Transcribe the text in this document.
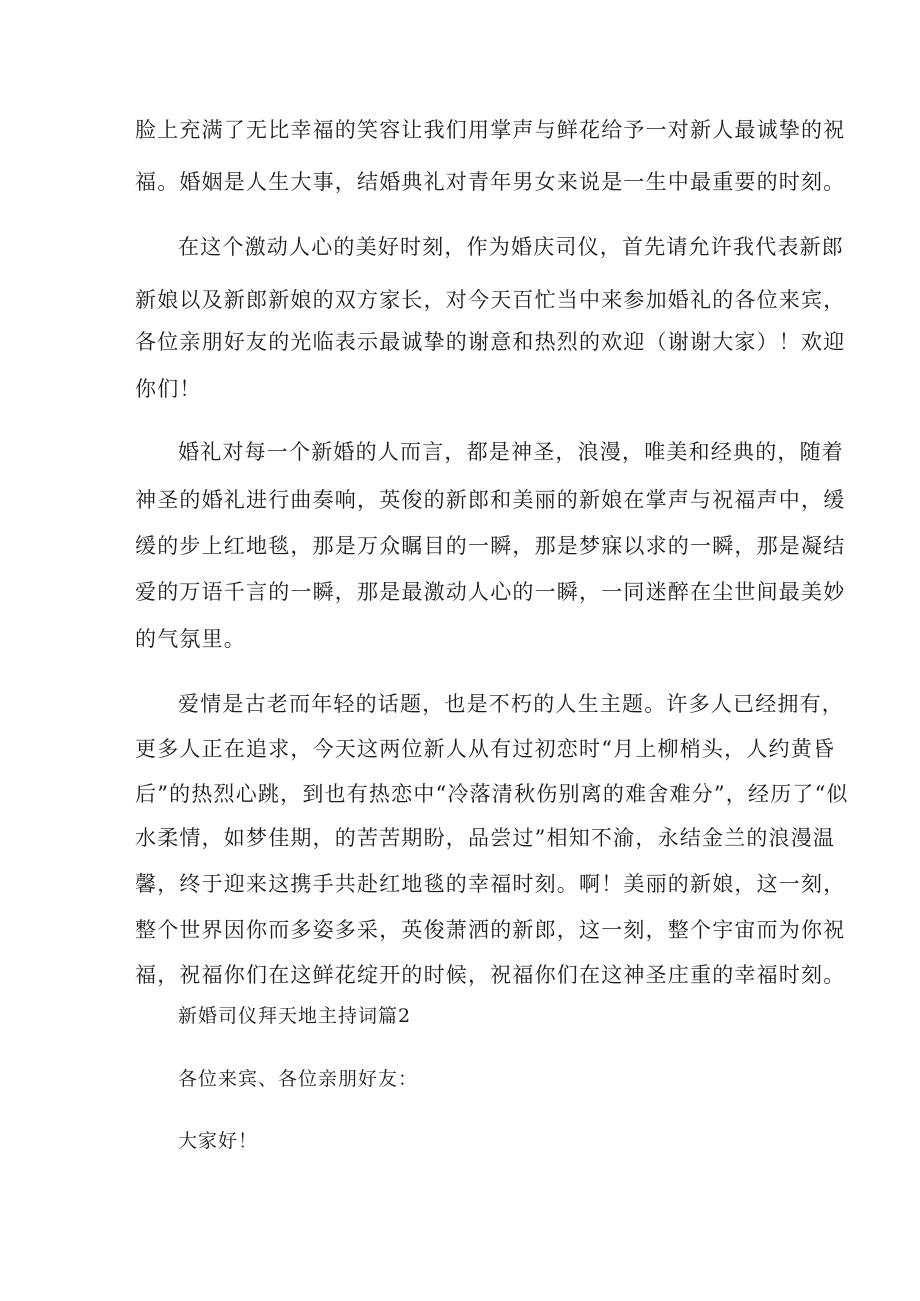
脸上充满了无比幸福的笑容让我们用掌声与鲜花给予一对新人最诚挚的祝
福。婚姻是人生大事，结婚典礼对青年男女来说是一生中最重要的时刻。
在这个激动人心的美好时刻，作为婚庆司仪，首先请允许我代表新郎
新娘以及新郎新娘的双方家长，对今天百忙当中来参加婚礼的各位来宾，
各位亲朋好友的光临表示最诚挚的谢意和热烈的欢迎（谢谢大家）！欢迎
你们！
婚礼对每一个新婚的人而言，都是神圣，浪漫，唯美和经典的，随着
神圣的婚礼进行曲奏响，英俊的新郎和美丽的新娘在掌声与祝福声中，缓
缓的步上红地毯，那是万众瞩目的一瞬，那是梦寐以求的一瞬，那是凝结
爱的万语千言的一瞬，那是最激动人心的一瞬，一同迷醉在尘世间最美妙
的气氛里。
爱情是古老而年轻的话题，也是不朽的人生主题。许多人已经拥有，
更多人正在追求，今天这两位新人从有过初恋时“月上柳梢头，人约黄昏
后”的热烈心跳，到也有热恋中“冷落清秋伤别离的难舍难分”，经历了“似
水柔情，如梦佳期，的苦苦期盼，品尝过”相知不渝，永结金兰的浪漫温
馨，终于迎来这携手共赴红地毯的幸福时刻。啊！美丽的新娘，这一刻，
整个世界因你而多姿多采，英俊萧洒的新郎，这一刻，整个宇宙而为你祝
福，祝福你们在这鲜花绽开的时候，祝福你们在这神圣庄重的幸福时刻。
新婚司仪拜天地主持词篇2
各位来宾、各位亲朋好友：
大家好！
